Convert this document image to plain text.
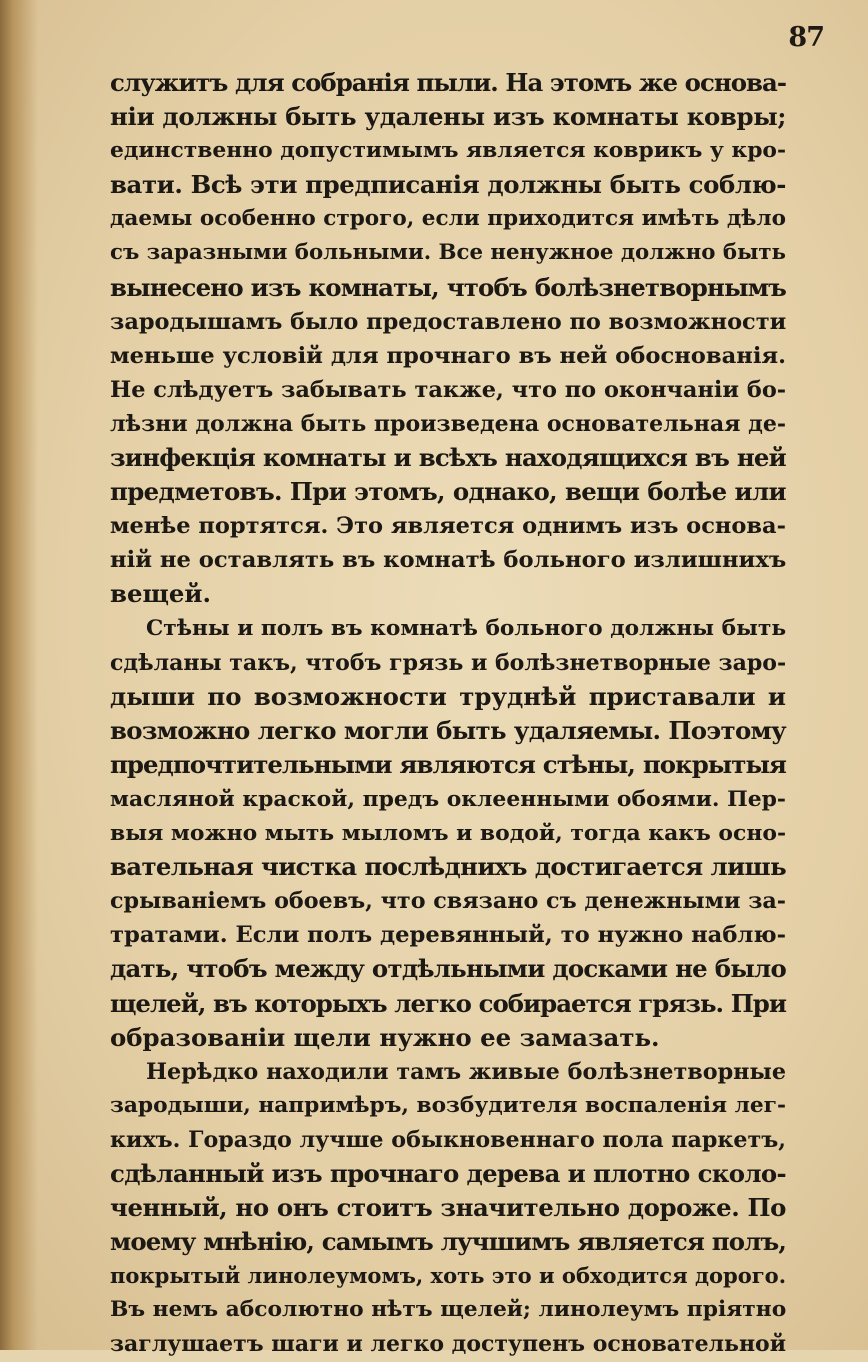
87
служитъ для собранія пыли. На этомъ же основа-
ніи должны быть удалены изъ комнаты ковры;
единственно допустимымъ является коврикъ у кро-
вати. Всѣ эти предписанія должны быть соблю-
даемы особенно строго, если приходится имѣть дѣло
съ заразными больными. Все ненужное должно быть
вынесено изъ комнаты, чтобъ болѣзнетворнымъ
зародышамъ было предоставлено по возможности
меньше условій для прочнаго въ ней обоснованія.
Не слѣдуетъ забывать также, что по окончаніи бо-
лѣзни должна быть произведена основательная де-
зинфекція комнаты и всѣхъ находящихся въ ней
предметовъ. При этомъ, однако, вещи болѣе или
менѣе портятся. Это является однимъ изъ основа-
ній не оставлять въ комнатѣ больного излишнихъ
вещей.
Стѣны и полъ въ комнатѣ больного должны быть
сдѣланы такъ, чтобъ грязь и болѣзнетворные заро-
дыши по возможности труднѣй приставали и
возможно легко могли быть удаляемы. Поэтому
предпочтительными являются стѣны, покрытыя
масляной краской, предъ оклеенными обоями. Пер-
выя можно мыть мыломъ и водой, тогда какъ осно-
вательная чистка послѣднихъ достигается лишь
срываніемъ обоевъ, что связано съ денежными за-
тратами. Если полъ деревянный, то нужно наблю-
дать, чтобъ между отдѣльными досками не было
щелей, въ которыхъ легко собирается грязь. При
образованіи щели нужно ее замазать.
Нерѣдко находили тамъ живые болѣзнетворные
зародыши, напримѣръ, возбудителя воспаленія лег-
кихъ. Гораздо лучше обыкновеннаго пола паркетъ,
сдѣланный изъ прочнаго дерева и плотно сколо-
ченный, но онъ стоитъ значительно дороже. По
моему мнѣнію, самымъ лучшимъ является полъ,
покрытый линолеумомъ, хоть это и обходится дорого.
Въ немъ абсолютно нѣтъ щелей; линолеумъ пріятно
заглушаетъ шаги и легко доступенъ основательной
